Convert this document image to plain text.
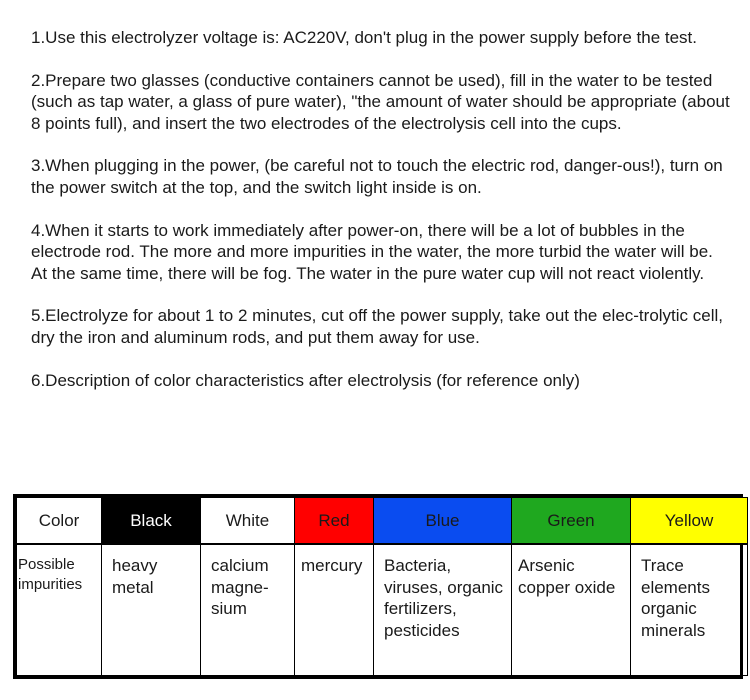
1.Use this electrolyzer voltage is: AC220V, don't plug in the power supply before the test.

2.Prepare two glasses (conductive containers cannot be used), fill in the water to be tested (such as tap water, a glass of pure water), "the amount of water should be appropriate (about 8 points full), and insert the two electrodes of the electrolysis cell into the cups.

3.When plugging in the power, (be careful not to touch the electric rod, danger-ous!), turn on the power switch at the top, and the switch light inside is on.

4.When it starts to work immediately after power-on, there will be a lot of bubbles in the electrode rod. The more and more impurities in the water, the more turbid the water will be. At the same time, there will be fog. The water in the pure water cup will not react violently.

5.Electrolyze for about 1 to 2 minutes, cut off the power supply, take out the elec-trolytic cell, dry the iron and aluminum rods, and put them away for use.

6.Description of color characteristics after electrolysis (for reference only)

Color	Black	White	Red	Blue	Green	Yellow
Possible impurities	heavy metal	calcium magne-sium	mercury	Bacteria, viruses, organic fertilizers, pesticides	Arsenic copper oxide	Trace elements organic minerals
